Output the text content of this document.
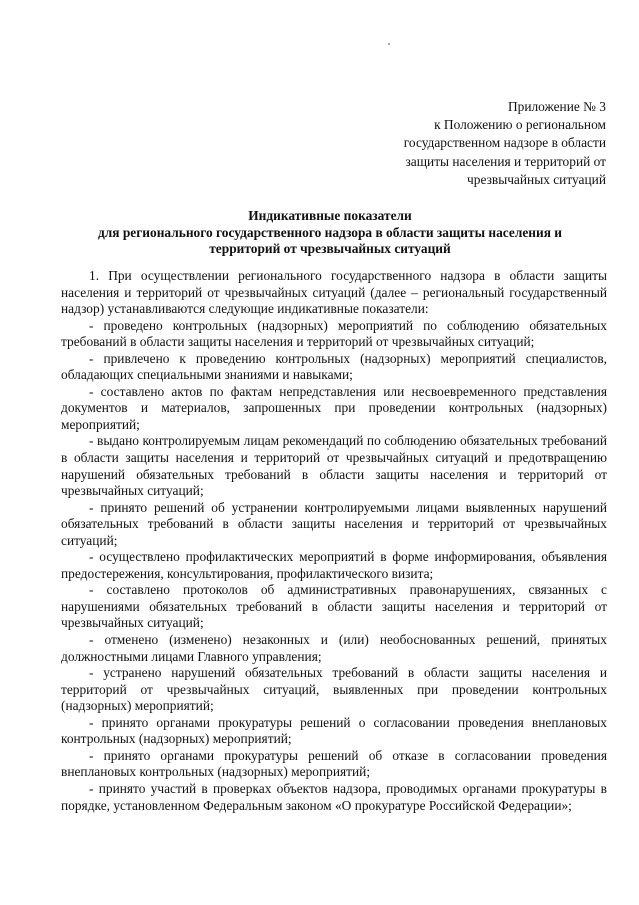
Приложение № 3
к Положению о региональном
государственном надзоре в области
защиты населения и территорий от
чрезвычайных ситуаций
Индикативные показатели
для регионального государственного надзора в области защиты населения и
территорий от чрезвычайных ситуаций

1. При осуществлении регионального государственного надзора в области защиты населения и территорий от чрезвычайных ситуаций (далее – региональный государственный надзор) устанавливаются следующие индикативные показатели:

- проведено контрольных (надзорных) мероприятий по соблюдению обязательных требований в области защиты населения и территорий от чрезвычайных ситуаций;

- привлечено к проведению контрольных (надзорных) мероприятий специалистов, обладающих специальными знаниями и навыками;

- составлено актов по фактам непредставления или несвоевременного представления документов и материалов, запрошенных при проведении контрольных (надзорных) мероприятий;

- выдано контролируемым лицам рекомендаций по соблюдению обязательных требований в области защиты населения и территорий от чрезвычайных ситуаций и предотвращению нарушений обязательных требований в области защиты населения и территорий от чрезвычайных ситуаций;

- принято решений об устранении контролируемыми лицами выявленных нарушений обязательных требований в области защиты населения и территорий от чрезвычайных ситуаций;

- осуществлено профилактических мероприятий в форме информирования, объявления предостережения, консультирования, профилактического визита;

- составлено протоколов об административных правонарушениях, связанных с нарушениями обязательных требований в области защиты населения и территорий от чрезвычайных ситуаций;

- отменено (изменено) незаконных и (или) необоснованных решений, принятых должностными лицами Главного управления;

- устранено нарушений обязательных требований в области защиты населения и территорий от чрезвычайных ситуаций, выявленных при проведении контрольных (надзорных) мероприятий;

- принято органами прокуратуры решений о согласовании проведения внеплановых контрольных (надзорных) мероприятий;

- принято органами прокуратуры решений об отказе в согласовании проведения внеплановых контрольных (надзорных) мероприятий;

- принято участий в проверках объектов надзора, проводимых органами прокуратуры в порядке, установленном Федеральным законом «О прокуратуре Российской Федерации»;
